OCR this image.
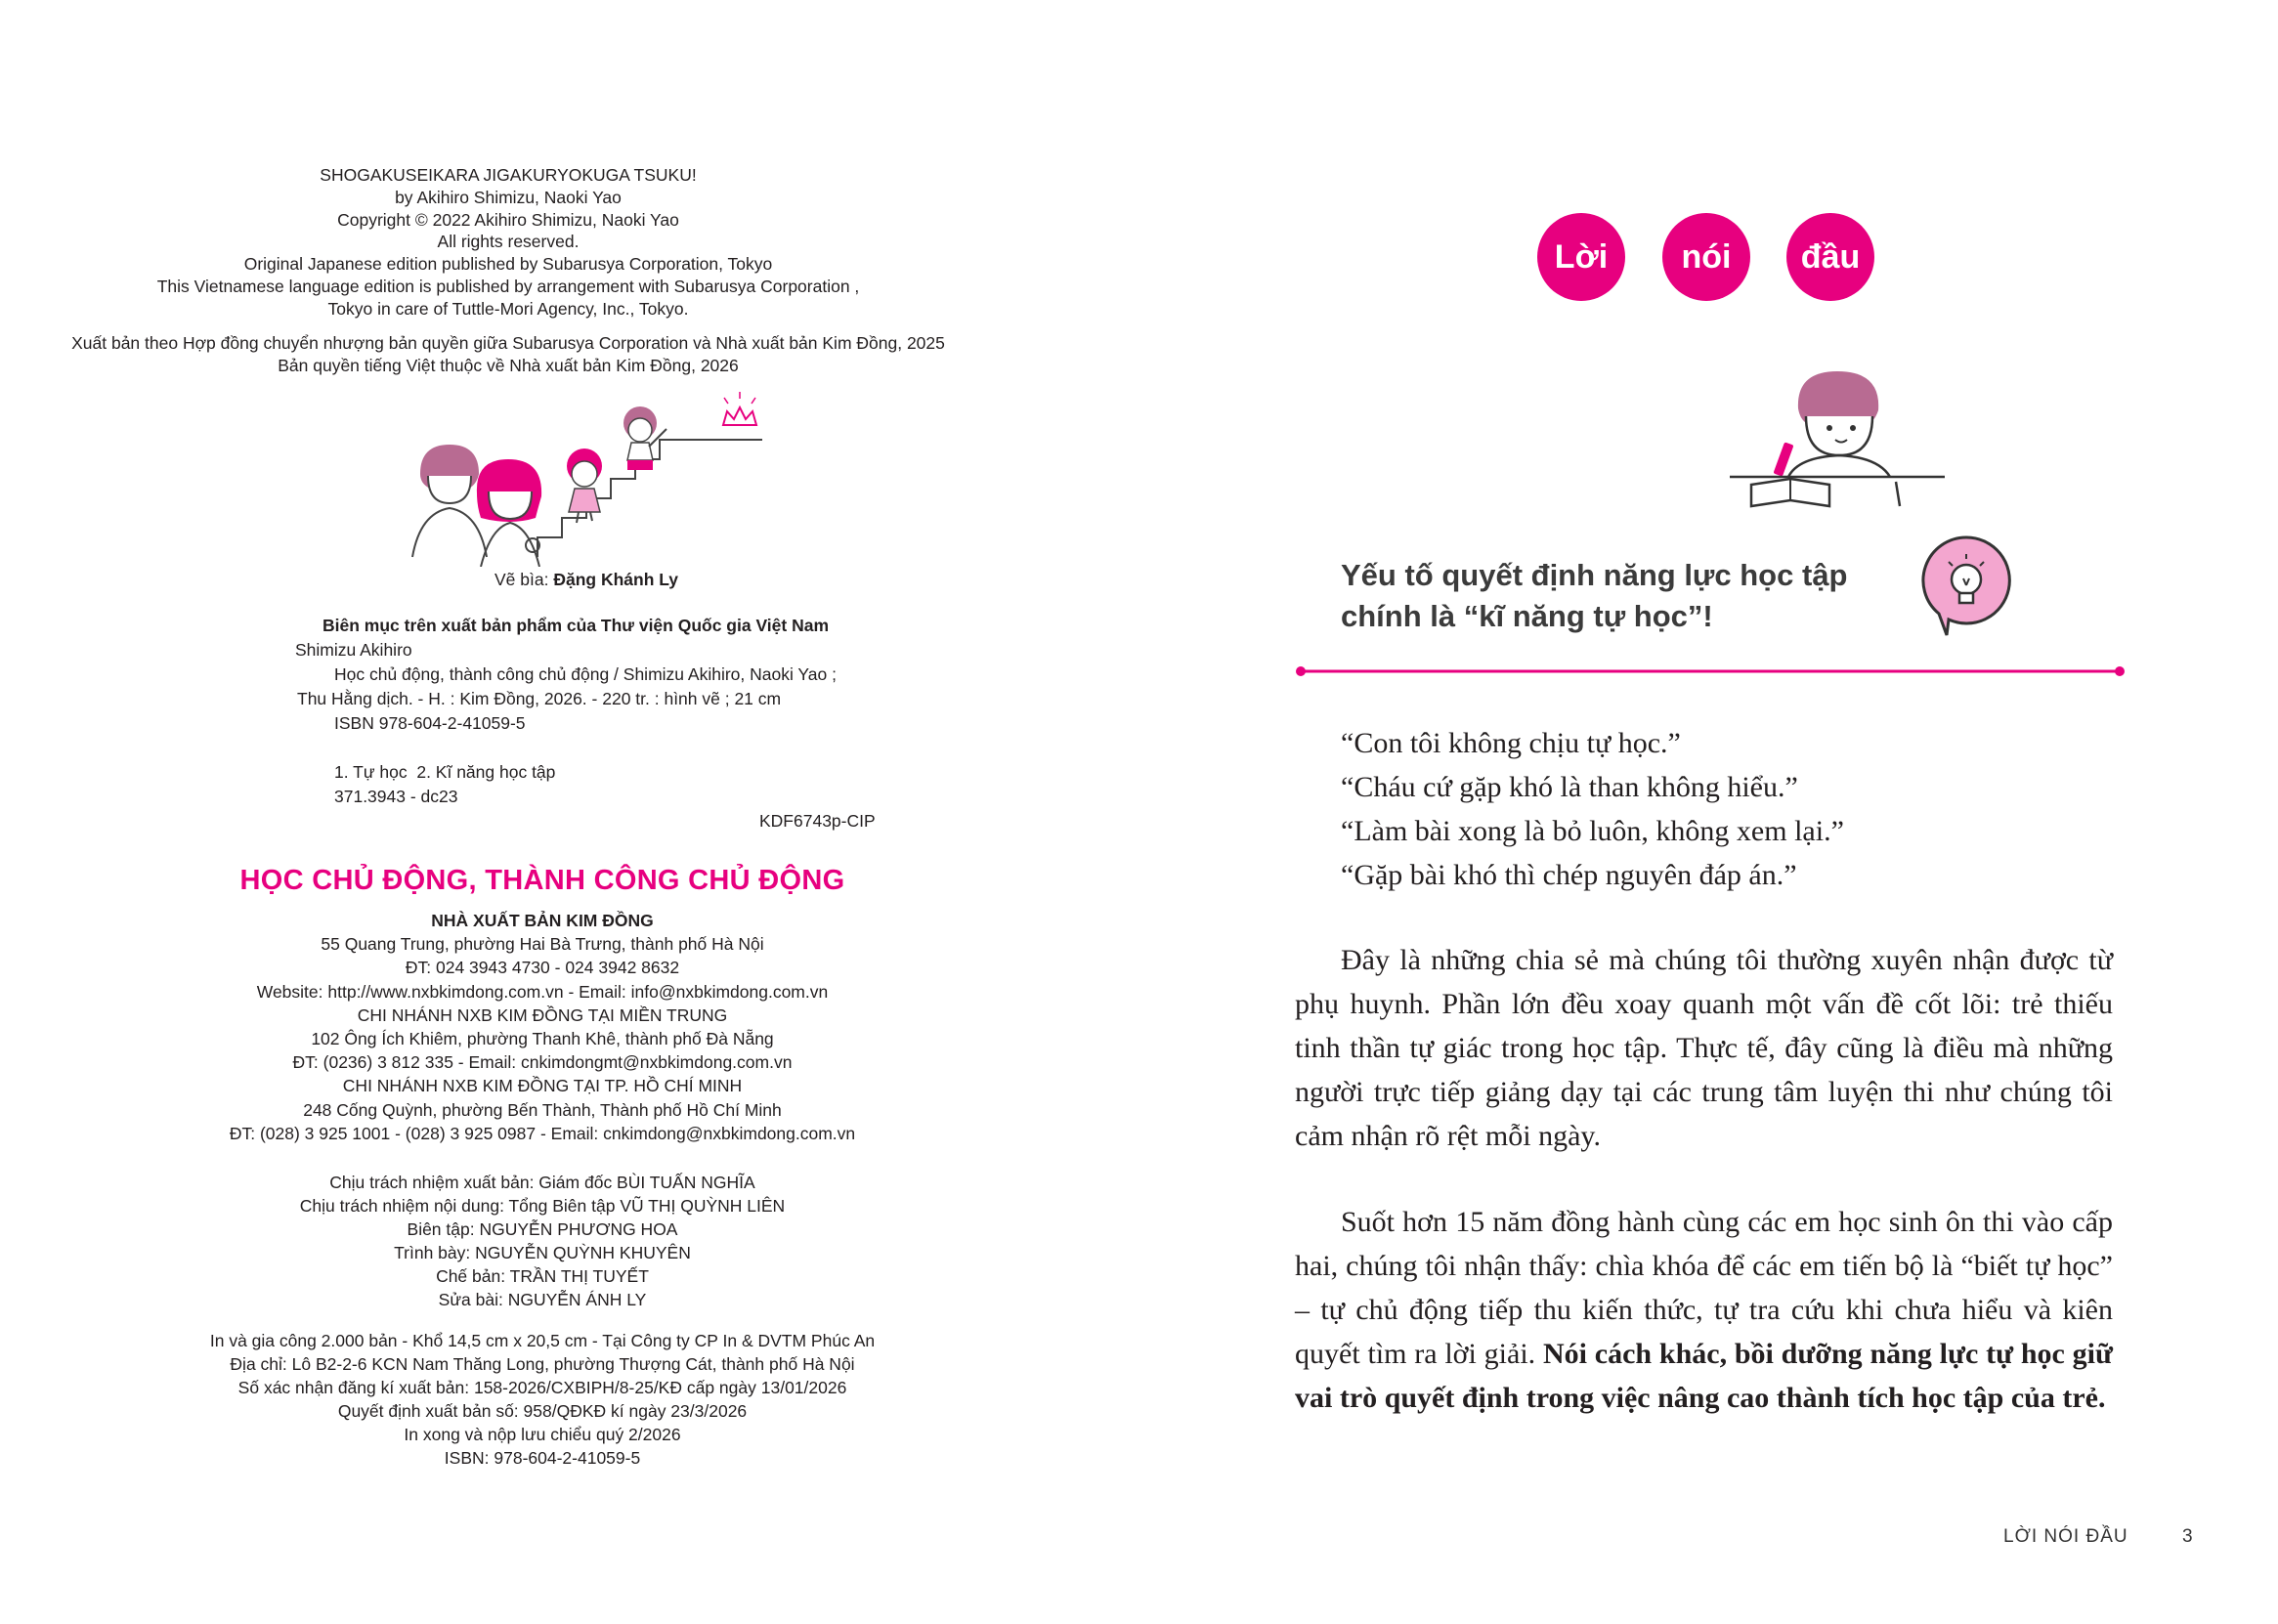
SHOGAKUSEIKARA JIGAKURYOKUGA TSUKU!
by Akihiro Shimizu, Naoki Yao
Copyright © 2022 Akihiro Shimizu, Naoki Yao
All rights reserved.
Original Japanese edition published by Subarusya Corporation, Tokyo
This Vietnamese language edition is published by arrangement with Subarusya Corporation ,
Tokyo in care of Tuttle-Mori Agency, Inc., Tokyo.
Xuất bản theo Hợp đồng chuyển nhượng bản quyền giữa Subarusya Corporation và Nhà xuất bản Kim Đồng, 2025
Bản quyền tiếng Việt thuộc về Nhà xuất bản Kim Đồng, 2026
Vẽ bìa: Đặng Khánh Ly
Biên mục trên xuất bản phẩm của Thư viện Quốc gia Việt Nam
Shimizu Akihiro
Học chủ động, thành công chủ động / Shimizu Akihiro, Naoki Yao ;
Thu Hằng dịch. - H. : Kim Đồng, 2026. - 220 tr. : hình vẽ ; 21 cm
ISBN 978-604-2-41059-5
1. Tự học  2. Kĩ năng học tập
371.3943 - dc23
KDF6743p-CIP
HỌC CHỦ ĐỘNG, THÀNH CÔNG CHỦ ĐỘNG
NHÀ XUẤT BẢN KIM ĐỒNG
55 Quang Trung, phường Hai Bà Trưng, thành phố Hà Nội
ĐT: 024 3943 4730 - 024 3942 8632
Website: http://www.nxbkimdong.com.vn - Email: info@nxbkimdong.com.vn
CHI NHÁNH NXB KIM ĐỒNG TẠI MIỀN TRUNG
102 Ông Ích Khiêm, phường Thanh Khê, thành phố Đà Nẵng
ĐT: (0236) 3 812 335 - Email: cnkimdongmt@nxbkimdong.com.vn
CHI NHÁNH NXB KIM ĐỒNG TẠI TP. HỒ CHÍ MINH
248 Cống Quỳnh, phường Bến Thành, Thành phố Hồ Chí Minh
ĐT: (028) 3 925 1001 - (028) 3 925 0987 - Email: cnkimdong@nxbkimdong.com.vn
Chịu trách nhiệm xuất bản: Giám đốc BÙI TUẤN NGHĨA
Chịu trách nhiệm nội dung: Tổng Biên tập VŨ THỊ QUỲNH LIÊN
Biên tập: NGUYỄN PHƯƠNG HOA
Trình bày: NGUYỄN QUỲNH KHUYÊN
Chế bản: TRẦN THỊ TUYẾT
Sửa bài: NGUYỄN ÁNH LY
In và gia công 2.000 bản - Khổ 14,5 cm x 20,5 cm - Tại Công ty CP In & DVTM Phúc An
Địa chỉ: Lô B2-2-6 KCN Nam Thăng Long, phường Thượng Cát, thành phố Hà Nội
Số xác nhận đăng kí xuất bản: 158-2026/CXBIPH/8-25/KĐ cấp ngày 13/01/2026
Quyết định xuất bản số: 958/QĐKĐ kí ngày 23/3/2026
In xong và nộp lưu chiểu quý 2/2026
ISBN: 978-604-2-41059-5
Lời	nói	đầu
Yếu tố quyết định năng lực học tập
chính là “kĩ năng tự học”!
“Con tôi không chịu tự học.”
“Cháu cứ gặp khó là than không hiểu.”
“Làm bài xong là bỏ luôn, không xem lại.”
“Gặp bài khó thì chép nguyên đáp án.”

Đây là những chia sẻ mà chúng tôi thường xuyên nhận được từ phụ huynh. Phần lớn đều xoay quanh một vấn đề cốt lõi: trẻ thiếu tinh thần tự giác trong học tập. Thực tế, đây cũng là điều mà những người trực tiếp giảng dạy tại các trung tâm luyện thi như chúng tôi cảm nhận rõ rệt mỗi ngày.

Suốt hơn 15 năm đồng hành cùng các em học sinh ôn thi vào cấp hai, chúng tôi nhận thấy: chìa khóa để các em tiến bộ là “biết tự học” – tự chủ động tiếp thu kiến thức, tự tra cứu khi chưa hiểu và kiên quyết tìm ra lời giải. Nói cách khác, bồi dưỡng năng lực tự học giữ vai trò quyết định trong việc nâng cao thành tích học tập của trẻ.

LỜI NÓI ĐẦU	3
